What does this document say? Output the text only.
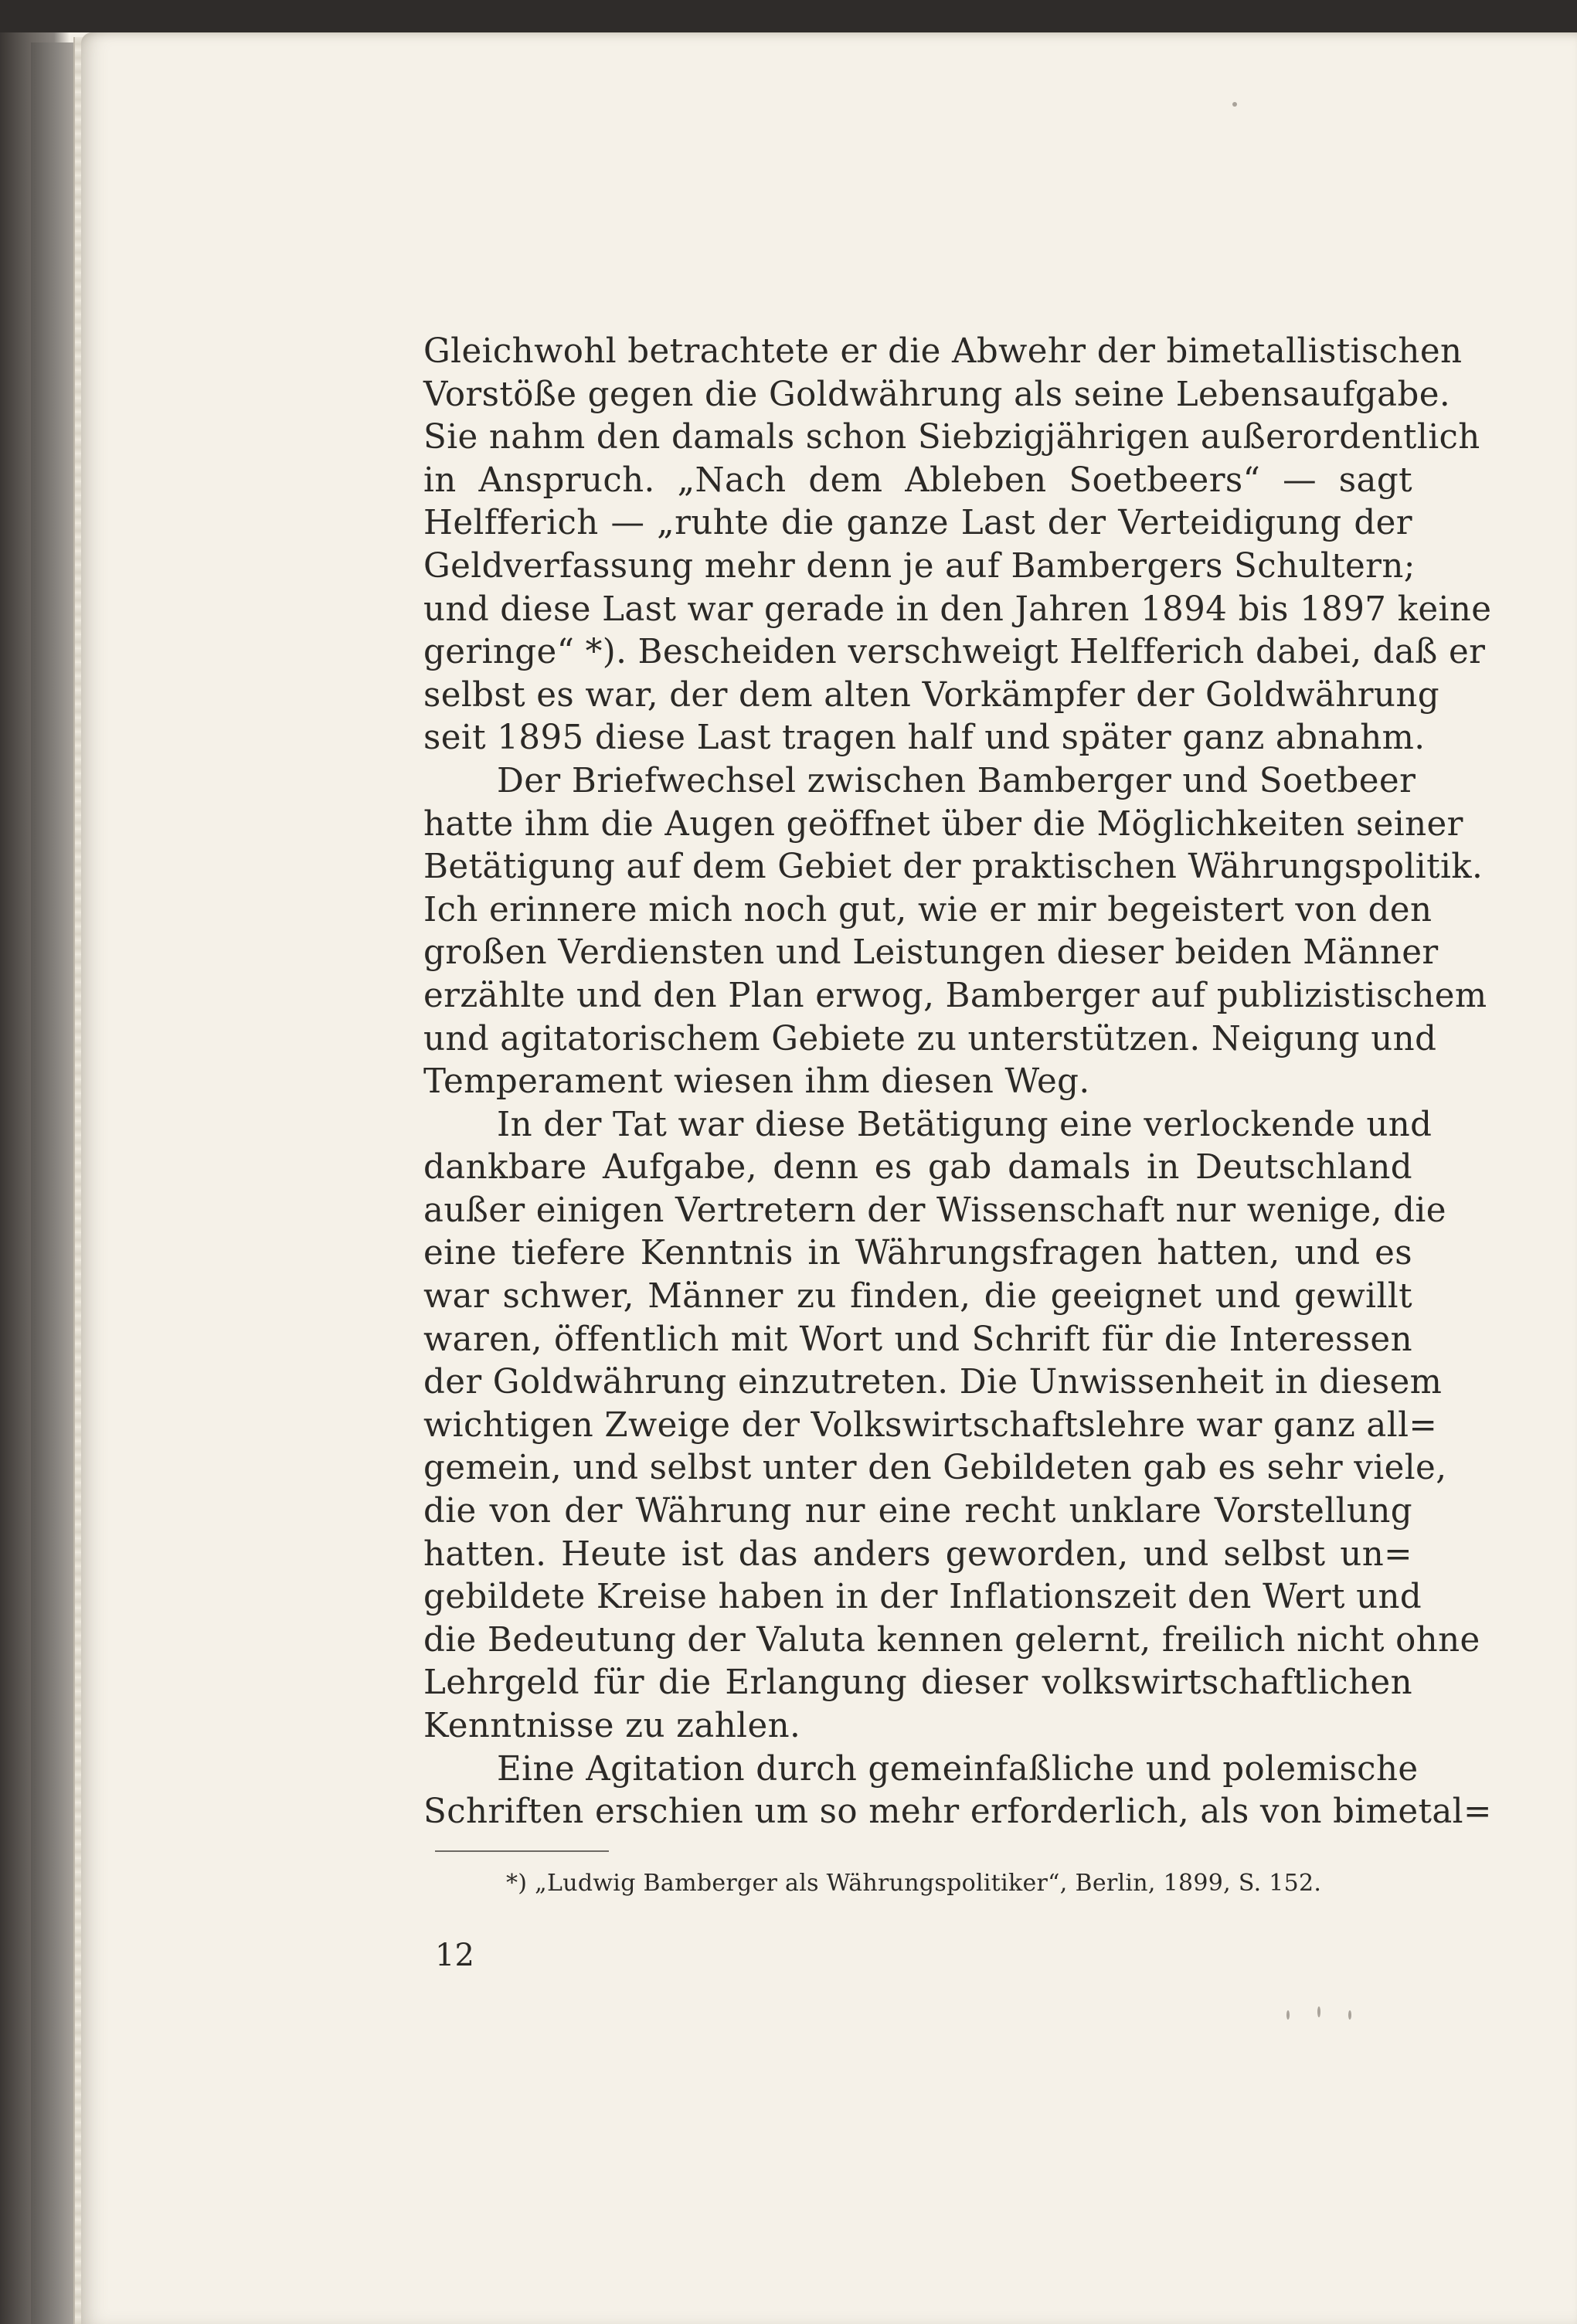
Gleichwohl betrachtete er die Abwehr der bimetallistischen
Vorstöße gegen die Goldwährung als seine Lebensaufgabe.
Sie nahm den damals schon Siebzigjährigen außerordentlich
in Anspruch. „Nach dem Ableben Soetbeers“ — sagt
Helfferich — „ruhte die ganze Last der Verteidigung der
Geldverfassung mehr denn je auf Bambergers Schultern;
und diese Last war gerade in den Jahren 1894 bis 1897 keine
geringe“ *). Bescheiden verschweigt Helfferich dabei, daß er
selbst es war, der dem alten Vorkämpfer der Goldwährung
seit 1895 diese Last tragen half und später ganz abnahm.
Der Briefwechsel zwischen Bamberger und Soetbeer
hatte ihm die Augen geöffnet über die Möglichkeiten seiner
Betätigung auf dem Gebiet der praktischen Währungspolitik.
Ich erinnere mich noch gut, wie er mir begeistert von den
großen Verdiensten und Leistungen dieser beiden Männer
erzählte und den Plan erwog, Bamberger auf publizistischem
und agitatorischem Gebiete zu unterstützen. Neigung und
Temperament wiesen ihm diesen Weg.
In der Tat war diese Betätigung eine verlockende und
dankbare Aufgabe, denn es gab damals in Deutschland
außer einigen Vertretern der Wissenschaft nur wenige, die
eine tiefere Kenntnis in Währungsfragen hatten, und es
war schwer, Männer zu finden, die geeignet und gewillt
waren, öffentlich mit Wort und Schrift für die Interessen
der Goldwährung einzutreten. Die Unwissenheit in diesem
wichtigen Zweige der Volkswirtschaftslehre war ganz all=
gemein, und selbst unter den Gebildeten gab es sehr viele,
die von der Währung nur eine recht unklare Vorstellung
hatten. Heute ist das anders geworden, und selbst un=
gebildete Kreise haben in der Inflationszeit den Wert und
die Bedeutung der Valuta kennen gelernt, freilich nicht ohne
Lehrgeld für die Erlangung dieser volkswirtschaftlichen
Kenntnisse zu zahlen.
Eine Agitation durch gemeinfaßliche und polemische
Schriften erschien um so mehr erforderlich, als von bimetal=
*) „Ludwig Bamberger als Währungspolitiker“, Berlin, 1899, S. 152.
12
